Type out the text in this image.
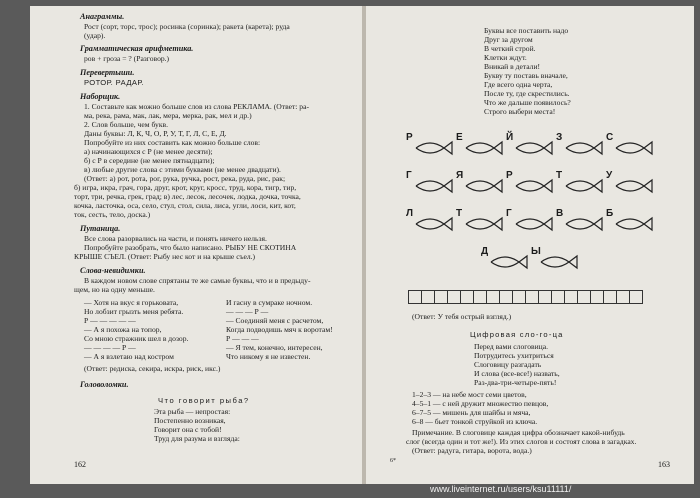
Анаграммы.
Рост (сорт, торс, трос); росинка (соринка); ракета (карета); руда
(удар).
Грамматическая арифметика.
ров + гроза = ? (Разговор.)
Перевертыши.
РОТОР. РАДАР.
Наборщик.
1. Составьте как можно больше слов из слова РЕКЛАМА. (Ответ: ра-
ма, река, рама, мак, лак, мера, мерка, рак, мел и др.)
2. Слов больше, чем букв.
Даны буквы: Л, К, Ч, О, Р, У, Т, Г, Л, С, Е, Д.
Попробуйте из них составить как можно больше слов:
а) начинающихся с Р (не менее десяти);
б) с Р в середине (не менее пятнадцати);
в) любые другие слова с этими буквами (не менее двадцати).
(Ответ: а) рот, рота, рог, рука, ручка, рост, река, руда, рис, рак;
б) игра, икра, грач, гора, друг, крот, круг, кросс, труд, кора, тигр, тир,
торт, три, речка, грек, град; в) лес, лесок, лесочек, лодка, дочка, точка,
кочка, ласточка, оса, село, стул, стол, сила, лиса, угли, лоси, кит, кот,
ток, сесть, тело, доска.)
Путаница.
Все слова разорвались на части, и понять ничего нельзя.
Попробуйте разобрать, что было написано. РЫБУ НЕ СКОТИНА
КРЫШЕ СЪЕЛ. (Ответ: Рыбу нес кот и на крыше съел.)
Слова-невидимки.
В каждом новом слове спрятаны те же самые буквы, что и в предыду-
щем, но на одну меньше.
— Хотя на вкус я горьковата,
Но лобзит грызть меня ребята.
Р — — — — —
— А я похожа на топор,
Со мною стражник шел в дозор.
— — — — Р —
— А я взлетаю над костром
И гасну в сумраке ночном.
— — — Р —
— Соединяй меня с расчетом,
Когда подводишь мяч к воротам!
Р — — —
— Я тем, конечно, интересен,
Что никому я не известен.
(Ответ: редиска, секира, искра, риск, икс.)
Головоломки.
Что говорит рыба?
Эта рыба — непростая:
Постепенно возникая,
Говорит она с тобой!
Труд для разума и взгляда:
162
Буквы все поставить надо
Друг за другом
В четкий строй.
Клетки ждут.
Вникай в детали!
Букву ту поставь вначале,
Где всего одна черта,
После ту, где скрестились.
Что же дальше появилось?
Строго выбери места!
Р	Е	Й	З	С
Г	Я	Р	Т	У
Л	Т	Г	В	Б
Д	Ы
(Ответ: У тебя острый взгляд.)
Цифровая сло-го-ца
Перед вами слоговица.
Потрудитесь ухитриться
Слоговицу разгадать
И слова (все-все!) назвать,
Раз-два-три-четыре-пять!
1–2–3 — на небе мост семи цветов,
4–5–1 — с ней дружит множество певцов,
6–7–5 — мишень для шайбы и мяча,
6–8 — бьет тонкой струйкой из ключа.
Примечание. В слоговице каждая цифра обозначает какой-нибудь
слог (всегда один и тот же!). Из этих слогов и состоят слова в загадках.
(Ответ: радуга, гитара, ворота, вода.)
6*	163
www.liveinternet.ru/users/ksu11111/
